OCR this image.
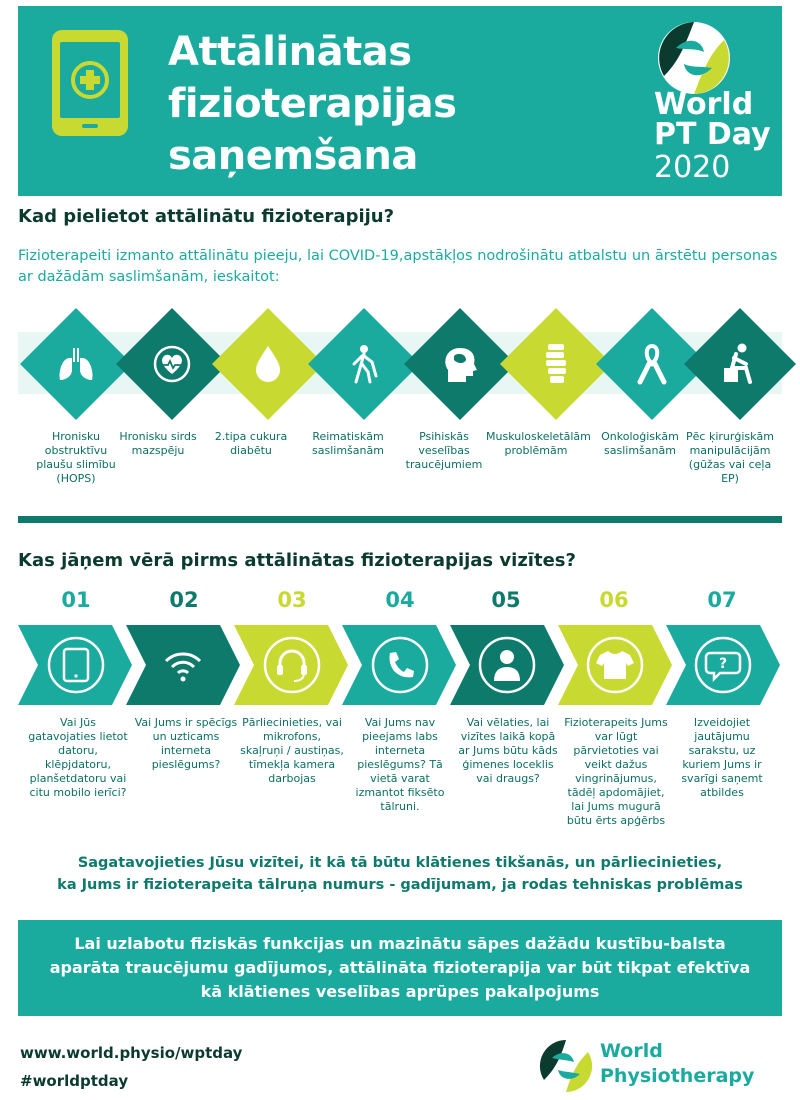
Attālinātas
fizioterapijas
saņemšana
World
PT Day
2020
Kad pielietot attālinātu fizioterapiju?
Fizioterapeiti izmanto attālinātu pieeju, lai COVID-19,apstākļos nodrošinātu atbalstu un ārstētu personas ar dažādām saslimšanām, ieskaitot:
Hronisku obstruktīvu plaušu slimību (HOPS)
Hronisku sirds mazspēju
2.tipa cukura diabētu
Reimatiskām saslimšanām
Psihiskās veselības traucējumiem
Muskuloskeletālām problēmām
Onkoloģiskām saslimšanām
Pēc ķirurģiskām manipulācijām (gūžas vai ceļa EP)
Kas jāņem vērā pirms attālinātas fizioterapijas vizītes?
01	02	03	04	05	06	07
?
Vai Jūs gatavojaties lietot datoru, klēpjdatoru, planšetdatoru vai citu mobilo ierīci?
Vai Jums ir spēcīgs un uzticams interneta pieslēgums?
Pārliecinieties, vai mikrofons, skaļruņi / austiņas, tīmekļa kamera darbojas
Vai Jums nav pieejams labs interneta pieslēgums? Tā vietā varat izmantot fiksēto tālruni.
Vai vēlaties, lai vizītes laikā kopā ar Jums būtu kāds ģimenes loceklis vai draugs?
Fizioterapeits Jums var lūgt pārvietoties vai veikt dažus vingrinājumus, tādēļ apdomājiet, lai Jums mugurā būtu ērts apģērbs
Izveidojiet jautājumu sarakstu, uz kuriem Jums ir svarīgi saņemt atbildes
Sagatavojieties Jūsu vizītei, it kā tā būtu klātienes tikšanās, un pārliecinieties,
ka Jums ir fizioterapeita tālruņa numurs - gadījumam, ja rodas tehniskas problēmas
Lai uzlabotu fiziskās funkcijas un mazinātu sāpes dažādu kustību-balsta aparāta traucējumu gadījumos, attālināta fizioterapija var būt tikpat efektīva kā klātienes veselības aprūpes pakalpojums
www.world.physio/wptday
#worldptday
World
Physiotherapy
